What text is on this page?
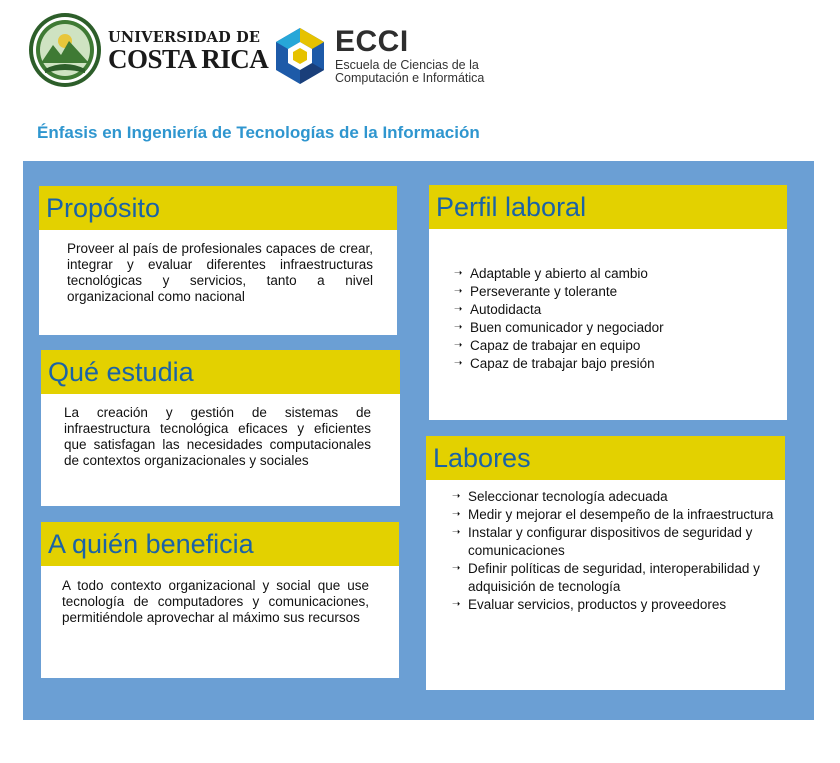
UNIVERSIDAD DE
COSTA RICA
ECCI
Escuela de Ciencias de la
Computación e Informática
Énfasis en Ingeniería de Tecnologías de la Información
Propósito
Proveer al país de profesionales capaces de crear, integrar y evaluar diferentes infraestructuras tecnológicas y servicios, tanto a nivel organizacional como nacional
Qué estudia
La creación y gestión de sistemas de infraestructura tecnológica eficaces y eficientes que satisfagan las necesidades computacionales de contextos organizacionales y sociales
A quién beneficia
A todo contexto organizacional y social que use tecnología de computadores y comunicaciones, permitiéndole aprovechar al máximo sus recursos
Perfil laboral
➝ Adaptable y abierto al cambio
➝ Perseverante y tolerante
➝ Autodidacta
➝ Buen comunicador y negociador
➝ Capaz de trabajar en equipo
➝ Capaz de trabajar bajo presión
Labores
➝ Seleccionar tecnología adecuada
➝ Medir y mejorar el desempeño de la infraestructura
➝ Instalar y configurar dispositivos de seguridad y comunicaciones
➝ Definir políticas de seguridad, interoperabilidad y adquisición de tecnología
➝ Evaluar servicios, productos y proveedores
